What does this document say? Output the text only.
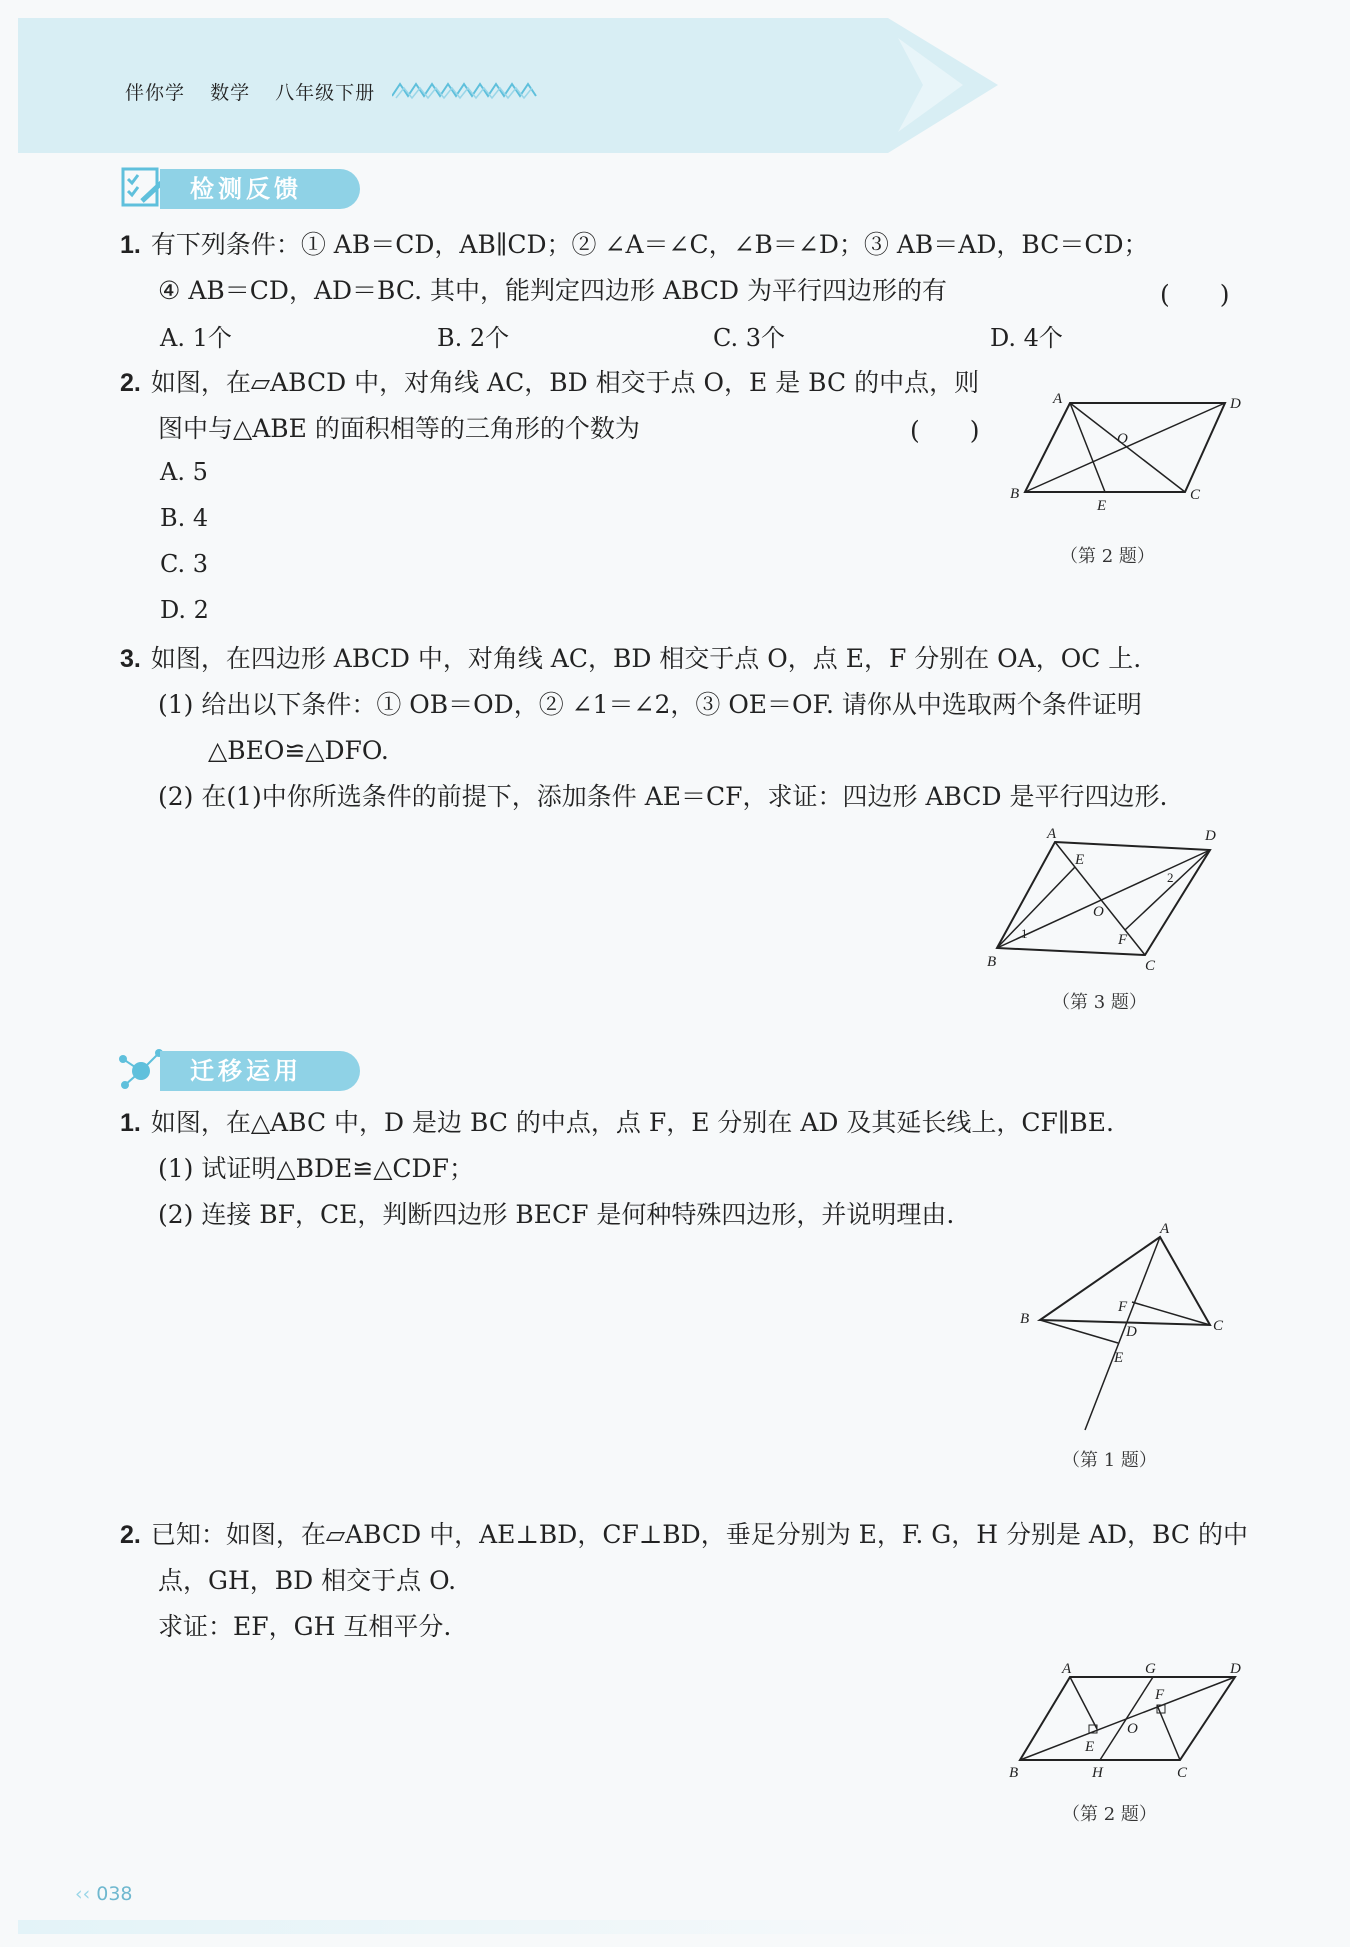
伴你学 数学 八年级下册
检测反馈
1. 有下列条件：① AB＝CD，AB∥CD；② ∠A＝∠C，∠B＝∠D；③ AB＝AD，BC＝CD；
④ AB＝CD，AD＝BC. 其中，能判定四边形 ABCD 为平行四边形的有	(　　)
A. 1个	B. 2个	C. 3个	D. 4个
2. 如图，在▱ABCD 中，对角线 AC，BD 相交于点 O，E 是 BC 的中点，则
图中与△ABE 的面积相等的三角形的个数为	(　　)
A. 5
B. 4
C. 3
D. 2
A	D
B	C
O
E
（第 2 题）
3. 如图，在四边形 ABCD 中，对角线 AC，BD 相交于点 O，点 E，F 分别在 OA，OC 上.
(1) 给出以下条件：① OB＝OD，② ∠1＝∠2，③ OE＝OF. 请你从中选取两个条件证明
△BEO≌△DFO.
(2) 在(1)中你所选条件的前提下，添加条件 AE＝CF，求证：四边形 ABCD 是平行四边形.
A	D
B	C
E
F
O
1
2
（第 3 题）
迁移运用
1. 如图，在△ABC 中，D 是边 BC 的中点，点 F，E 分别在 AD 及其延长线上，CF∥BE.
(1) 试证明△BDE≌△CDF；
(2) 连接 BF，CE，判断四边形 BECF 是何种特殊四边形，并说明理由.	A
B	C
D
F
E
（第 1 题）
2. 已知：如图，在▱ABCD 中，AE⊥BD，CF⊥BD，垂足分别为 E，F. G，H 分别是 AD，BC 的中
点，GH，BD 相交于点 O.
求证：EF，GH 互相平分.
A	G	D
B	H	C
E
F
O
（第 2 题）
‹‹ 038
